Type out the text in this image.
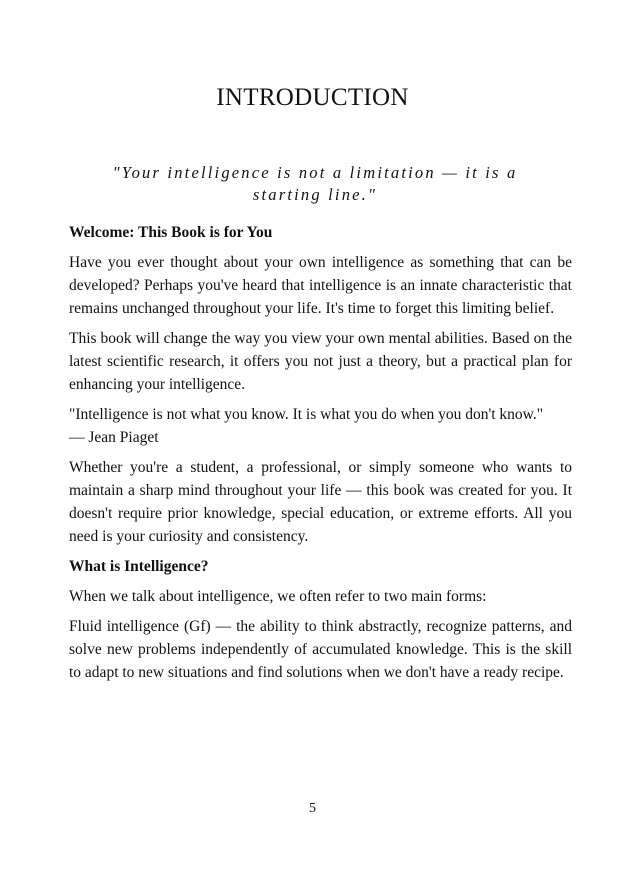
INTRODUCTION

"Your intelligence is not a limitation — it is a starting line."

Welcome: This Book is for You

Have you ever thought about your own intelligence as something that can be developed? Perhaps you've heard that intelligence is an innate characteristic that remains unchanged throughout your life. It's time to forget this limiting belief.

This book will change the way you view your own mental abilities. Based on the latest scientific research, it offers you not just a theory, but a practical plan for enhancing your intelligence.

"Intelligence is not what you know. It is what you do when you don't know."
— Jean Piaget

Whether you're a student, a professional, or simply someone who wants to maintain a sharp mind throughout your life — this book was created for you. It doesn't require prior knowledge, special education, or extreme efforts. All you need is your curiosity and consistency.

What is Intelligence?

When we talk about intelligence, we often refer to two main forms:

Fluid intelligence (Gf) — the ability to think abstractly, recognize patterns, and solve new problems independently of accumulated knowledge. This is the skill to adapt to new situations and find solutions when we don't have a ready recipe.

5
